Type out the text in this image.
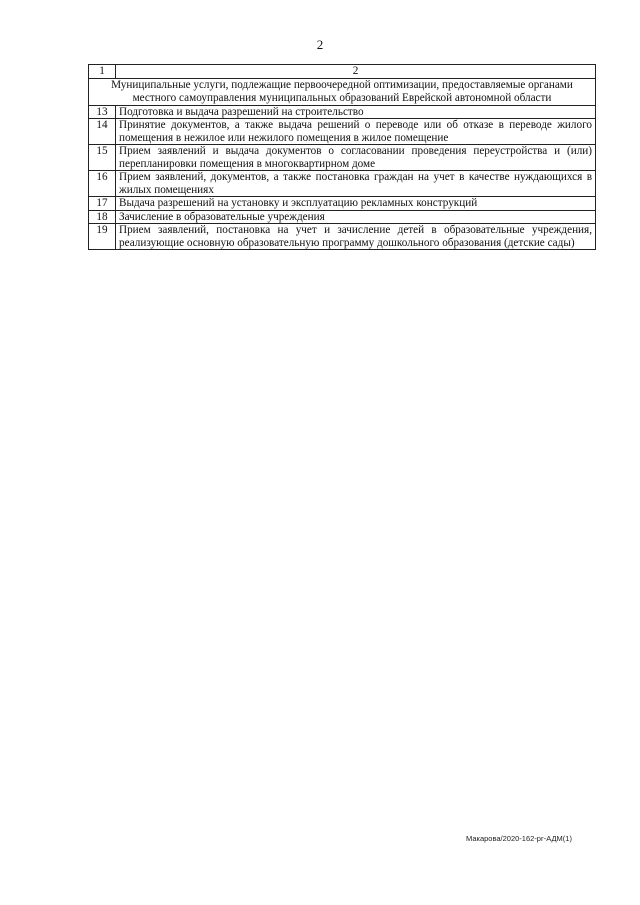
2
1	2
Муниципальные услуги, подлежащие первоочередной оптимизации, предоставляемые органами местного самоуправления муниципальных образований Еврейской автономной области	
13	Подготовка и выдача разрешений на строительство
14	Принятие документов, а также выдача решений о переводе или об отказе в переводе жилого помещения в нежилое или нежилого помещения в жилое помещение
15	Прием заявлений и выдача документов о согласовании проведения переустройства и (или) перепланировки помещения в многоквартирном доме
16	Прием заявлений, документов, а также постановка граждан на учет в качестве нуждающихся в жилых помещениях
17	Выдача разрешений на установку и эксплуатацию рекламных конструкций
18	Зачисление в образовательные учреждения
19	Прием заявлений, постановка на учет и зачисление детей в образовательные учреждения, реализующие основную образовательную программу дошкольного образования (детские сады)
Макарова/2020-162-рг-АДМ(1)
